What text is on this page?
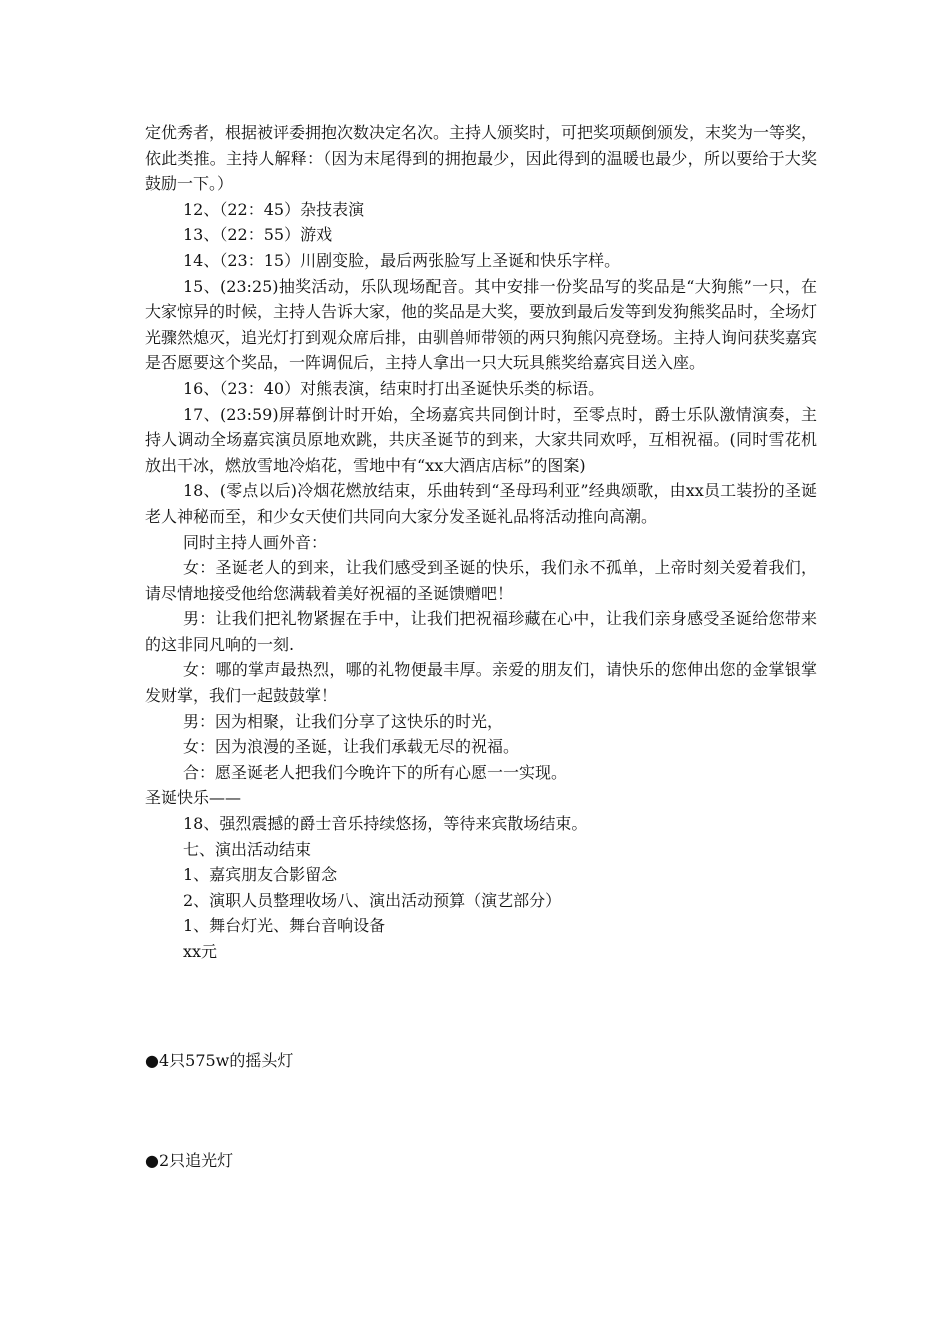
定优秀者，根据被评委拥抱次数决定名次。主持人颁奖时，可把奖项颠倒颁发，末奖为一等奖，依此类推。主持人解释：（因为末尾得到的拥抱最少，因此得到的温暖也最少，所以要给于大奖鼓励一下。）

12、（22：45）杂技表演

13、（22：55）游戏

14、（23：15）川剧变脸，最后两张脸写上圣诞和快乐字样。

15、(23:25)抽奖活动，乐队现场配音。其中安排一份奖品写的奖品是“大狗熊”一只，在大家惊异的时候，主持人告诉大家，他的奖品是大奖，要放到最后发等到发狗熊奖品时，全场灯光骤然熄灭，追光灯打到观众席后排，由驯兽师带领的两只狗熊闪亮登场。主持人询问获奖嘉宾是否愿要这个奖品，一阵调侃后，主持人拿出一只大玩具熊奖给嘉宾目送入座。

16、（23：40）对熊表演，结束时打出圣诞快乐类的标语。

17、(23:59)屏幕倒计时开始，全场嘉宾共同倒计时，至零点时，爵士乐队激情演奏，主持人调动全场嘉宾演员原地欢跳，共庆圣诞节的到来，大家共同欢呼，互相祝福。(同时雪花机放出干冰，燃放雪地冷焰花，雪地中有“xx大酒店店标”的图案)

18、(零点以后)冷烟花燃放结束，乐曲转到“圣母玛利亚”经典颂歌，由xx员工装扮的圣诞老人神秘而至，和少女天使们共同向大家分发圣诞礼品将活动推向高潮。

同时主持人画外音：

女：圣诞老人的到来，让我们感受到圣诞的快乐，我们永不孤单，上帝时刻关爱着我们，请尽情地接受他给您满载着美好祝福的圣诞馈赠吧！

男：让我们把礼物紧握在手中，让我们把祝福珍藏在心中，让我们亲身感受圣诞给您带来的这非同凡响的一刻.

女：哪的掌声最热烈，哪的礼物便最丰厚。亲爱的朋友们，请快乐的您伸出您的金掌银掌发财掌，我们一起鼓鼓掌！

男：因为相聚，让我们分享了这快乐的时光，

女：因为浪漫的圣诞，让我们承载无尽的祝福。

合：愿圣诞老人把我们今晚许下的所有心愿一一实现。

圣诞快乐——

18、强烈震撼的爵士音乐持续悠扬，等待来宾散场结束。

七、演出活动结束

1、嘉宾朋友合影留念

2、演职人员整理收场八、演出活动预算（演艺部分）

1、舞台灯光、舞台音响设备

xx元

●4只575w的摇头灯

●2只追光灯
